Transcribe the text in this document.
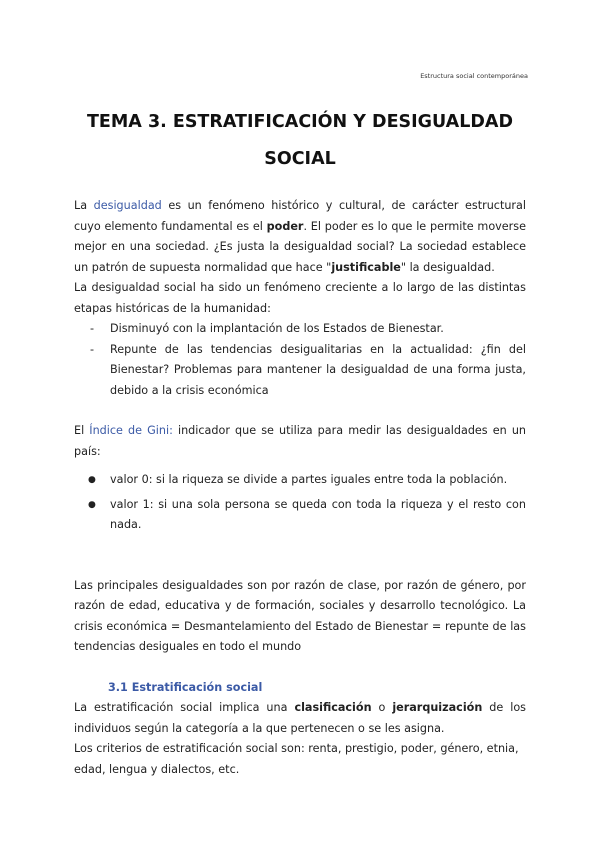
Estructura social contemporánea
TEMA 3. ESTRATIFICACIÓN Y DESIGUALDAD
SOCIAL

La desigualdad es un fenómeno histórico y cultural, de carácter estructural cuyo elemento fundamental es el poder. El poder es lo que le permite moverse mejor en una sociedad. ¿Es justa la desigualdad social? La sociedad establece un patrón de supuesta normalidad que hace "justificable" la desigualdad.

La desigualdad social ha sido un fenómeno creciente a lo largo de las distintas etapas históricas de la humanidad:

- Disminuyó con la implantación de los Estados de Bienestar.
- Repunte de las tendencias desigualitarias en la actualidad: ¿fin del Bienestar? Problemas para mantener la desigualdad de una forma justa, debido a la crisis económica

El Índice de Gini: indicador que se utiliza para medir las desigualdades en un país:

● valor 0: si la riqueza se divide a partes iguales entre toda la población.
● valor 1: si una sola persona se queda con toda la riqueza y el resto con nada.

Las principales desigualdades son por razón de clase, por razón de género, por razón de edad, educativa y de formación, sociales y desarrollo tecnológico. La crisis económica = Desmantelamiento del Estado de Bienestar = repunte de las tendencias desiguales en todo el mundo

3.1 Estratificación social

La estratificación social implica una clasificación o jerarquización de los individuos según la categoría a la que pertenecen o se les asigna.

Los criterios de estratificación social son: renta, prestigio, poder, género, etnia, edad, lengua y dialectos, etc.
